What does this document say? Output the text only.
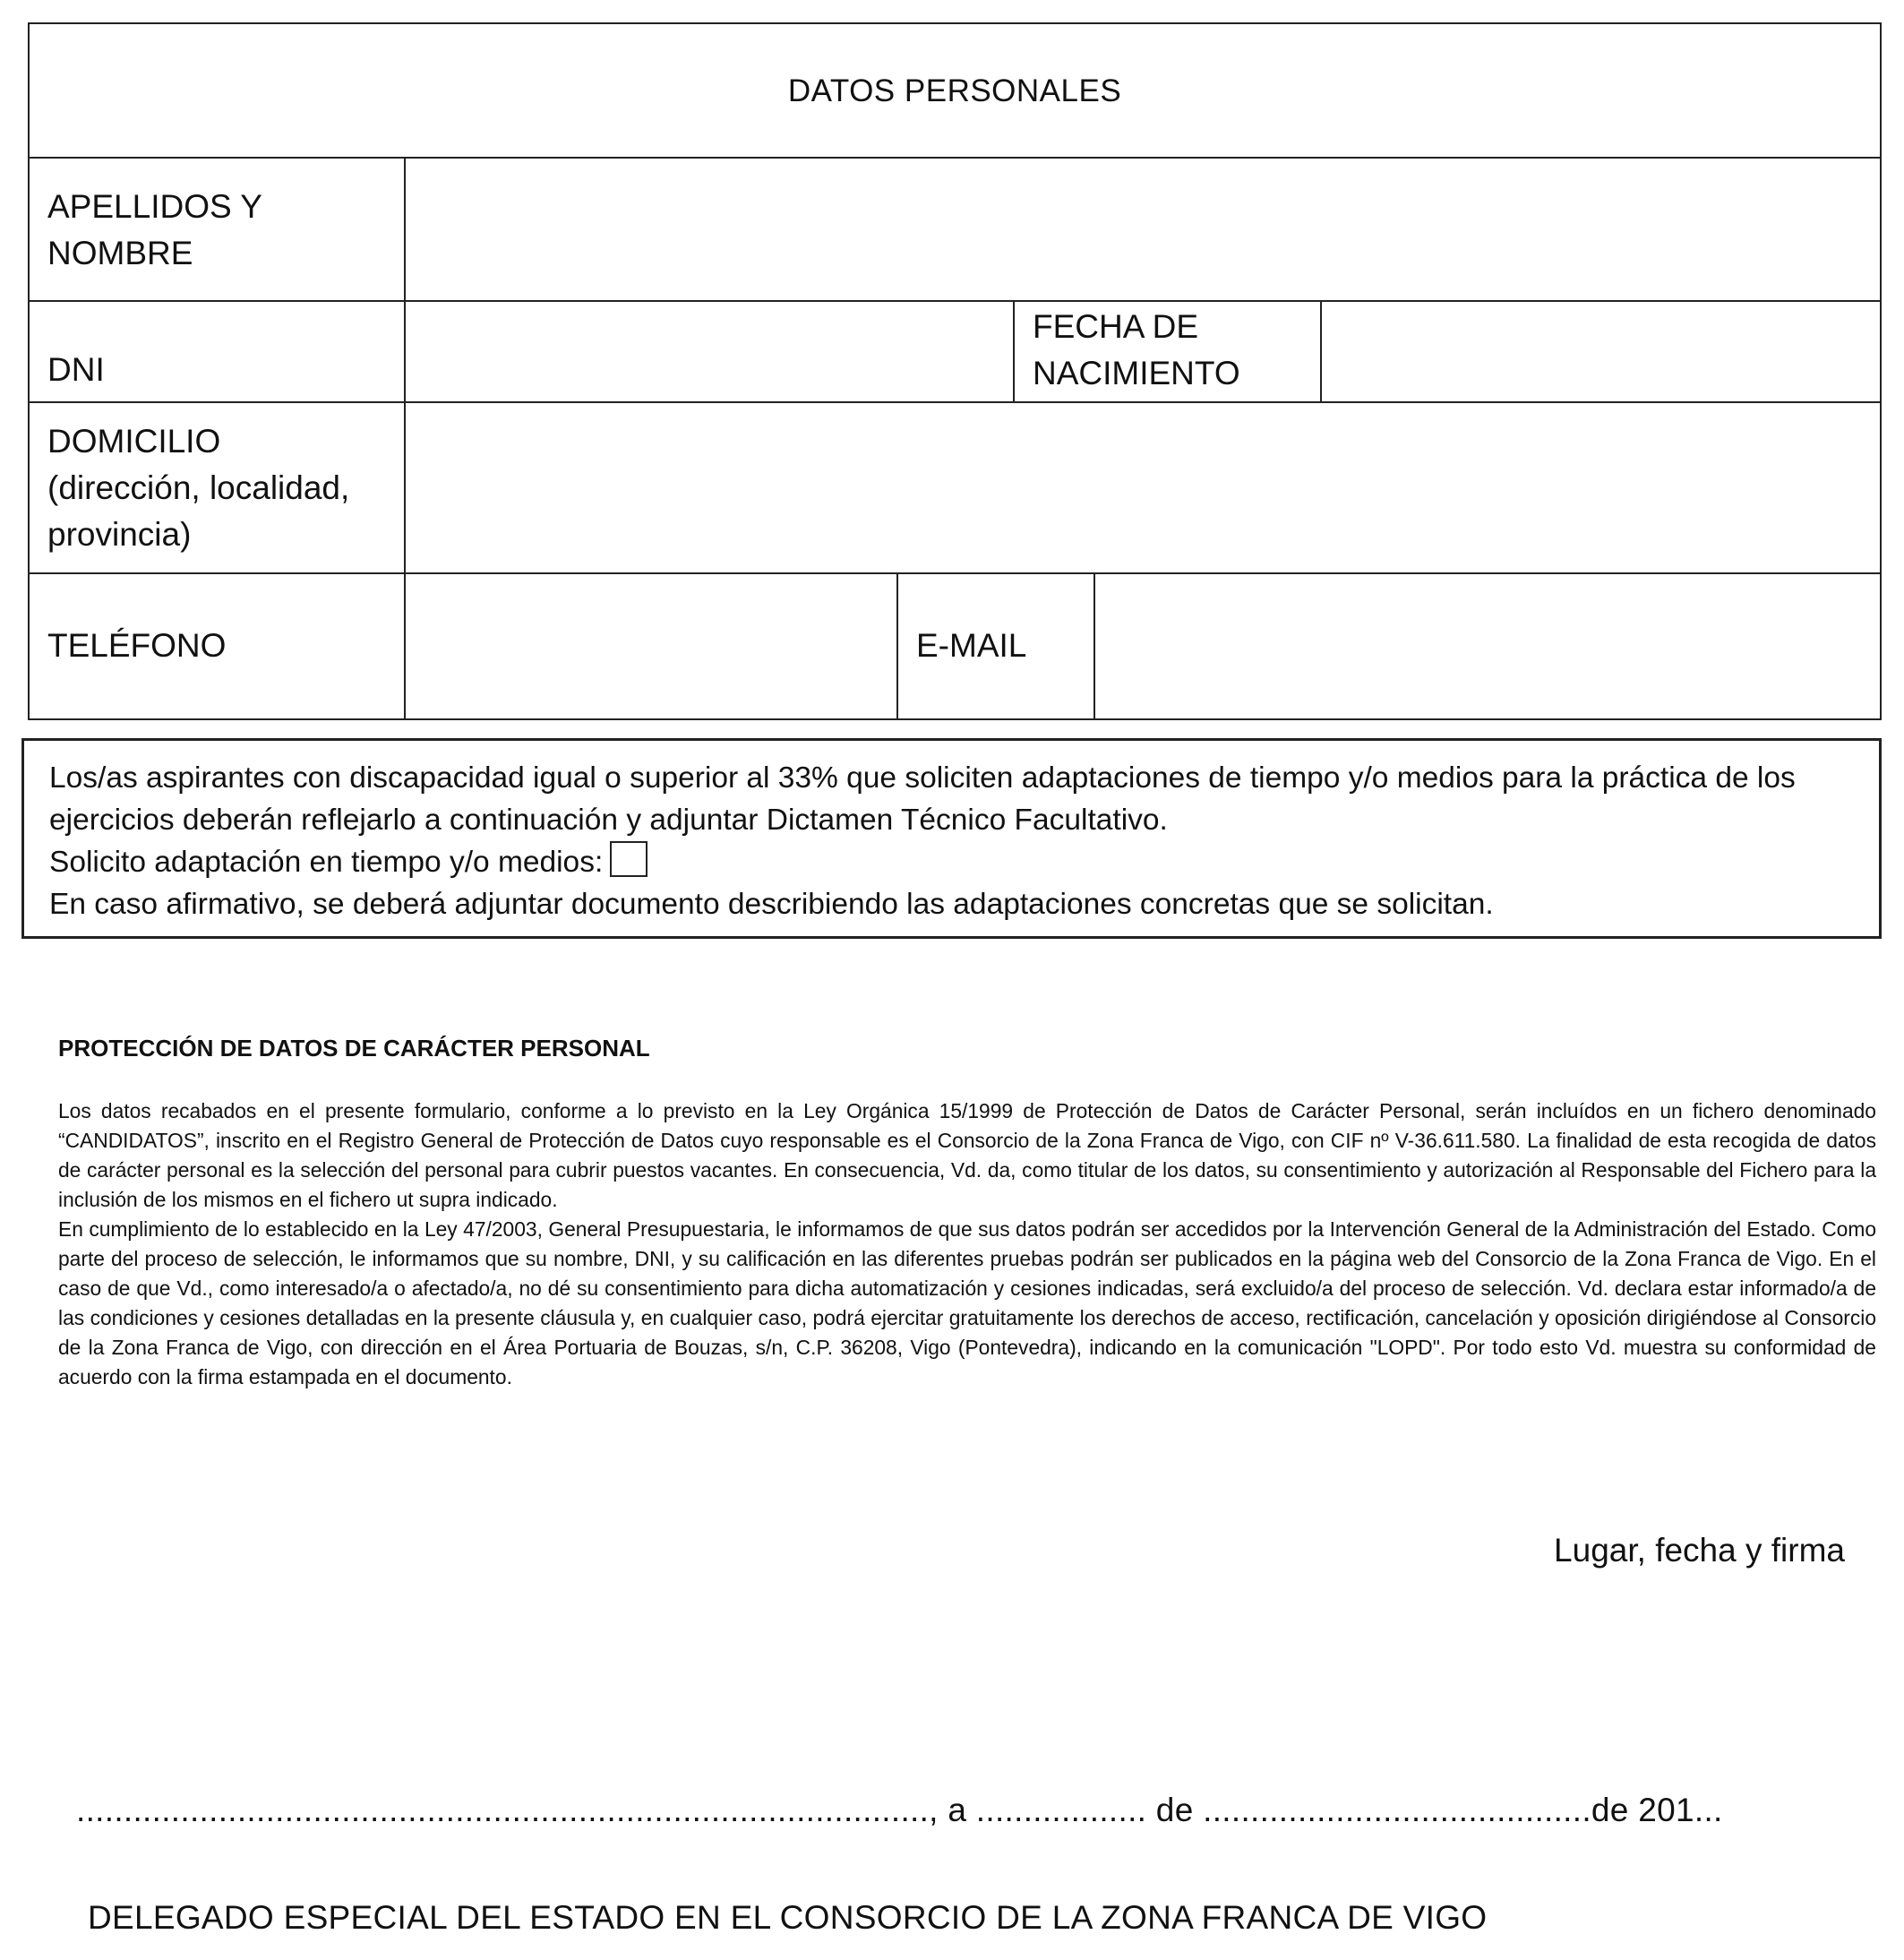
DATOS PERSONALES
APELLIDOS Y
NOMBRE
DNI
FECHA DE
NACIMIENTO
DOMICILIO
(dirección, localidad,
provincia)
TELÉFONO	E-MAIL

Los/as aspirantes con discapacidad igual o superior al 33% que soliciten adaptaciones de tiempo y/o medios para la práctica de los ejercicios deberán reflejarlo a continuación y adjuntar Dictamen Técnico Facultativo.

Solicito adaptación en tiempo y/o medios:

En caso afirmativo, se deberá adjuntar documento describiendo las adaptaciones concretas que se solicitan.

PROTECCIÓN DE DATOS DE CARÁCTER PERSONAL

Los datos recabados en el presente formulario, conforme a lo previsto en la Ley Orgánica 15/1999 de Protección de Datos de Carácter Personal, serán incluídos en un fichero denominado “CANDIDATOS”, inscrito en el Registro General de Protección de Datos cuyo responsable es el Consorcio de la Zona Franca de Vigo, con CIF nº V-36.611.580. La finalidad de esta recogida de datos de carácter personal es la selección del personal para cubrir puestos vacantes. En consecuencia, Vd. da, como titular de los datos, su consentimiento y autorización al Responsable del Fichero para la inclusión de los mismos en el fichero ut supra indicado.

En cumplimiento de lo establecido en la Ley 47/2003, General Presupuestaria, le informamos de que sus datos podrán ser accedidos por la Intervención General de la Administración del Estado. Como parte del proceso de selección, le informamos que su nombre, DNI, y su calificación en las diferentes pruebas podrán ser publicados en la página web del Consorcio de la Zona Franca de Vigo. En el caso de que Vd., como interesado/a o afectado/a, no dé su consentimiento para dicha automatización y cesiones indicadas, será excluido/a del proceso de selección. Vd. declara estar informado/a de las condiciones y cesiones detalladas en la presente cláusula y, en cualquier caso, podrá ejercitar gratuitamente los derechos de acceso, rectificación, cancelación y oposición dirigiéndose al Consorcio de la Zona Franca de Vigo, con dirección en el Área Portuaria de Bouzas, s/n, C.P. 36208, Vigo (Pontevedra), indicando en la comunicación "LOPD". Por todo esto Vd. muestra su conformidad de acuerdo con la firma estampada en el documento.

Lugar, fecha y firma
.........................................................................................., a .................. de .........................................de 201...
DELEGADO ESPECIAL DEL ESTADO EN EL CONSORCIO DE LA ZONA FRANCA DE VIGO
